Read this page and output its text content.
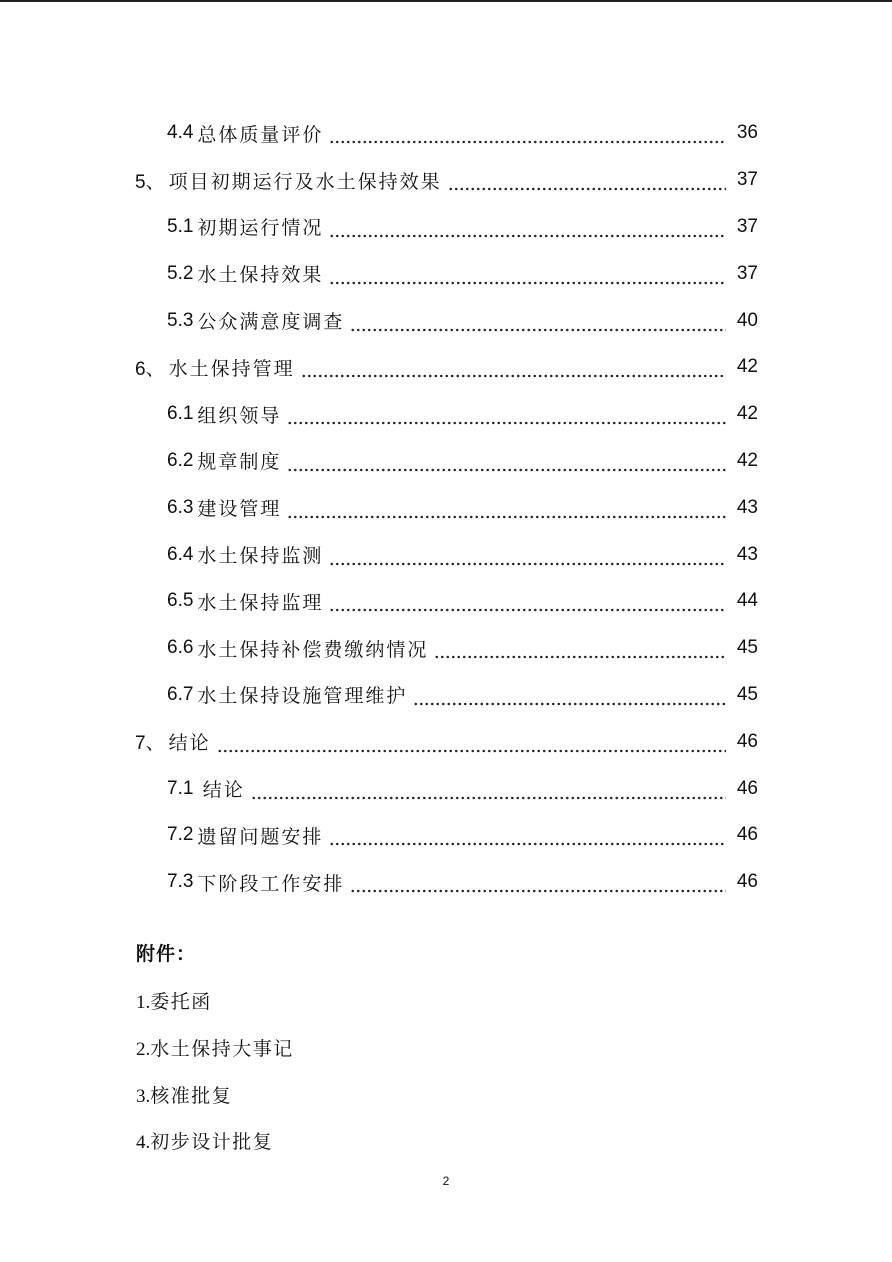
4.4 总体质量评价	36
5、 项目初期运行及水土保持效果	37
5.1 初期运行情况	37
5.2 水土保持效果	37
5.3 公众满意度调查	40
6、 水土保持管理	42
6.1 组织领导	42
6.2 规章制度	42
6.3 建设管理	43
6.4 水土保持监测	43
6.5 水土保持监理	44
6.6 水土保持补偿费缴纳情况	45
6.7 水土保持设施管理维护	45
7、 结论	46
7.1 结论	46
7.2 遗留问题安排	46
7.3 下阶段工作安排	46
附件：
1.委托函
2.水土保持大事记
3.核准批复
4.初步设计批复
2
